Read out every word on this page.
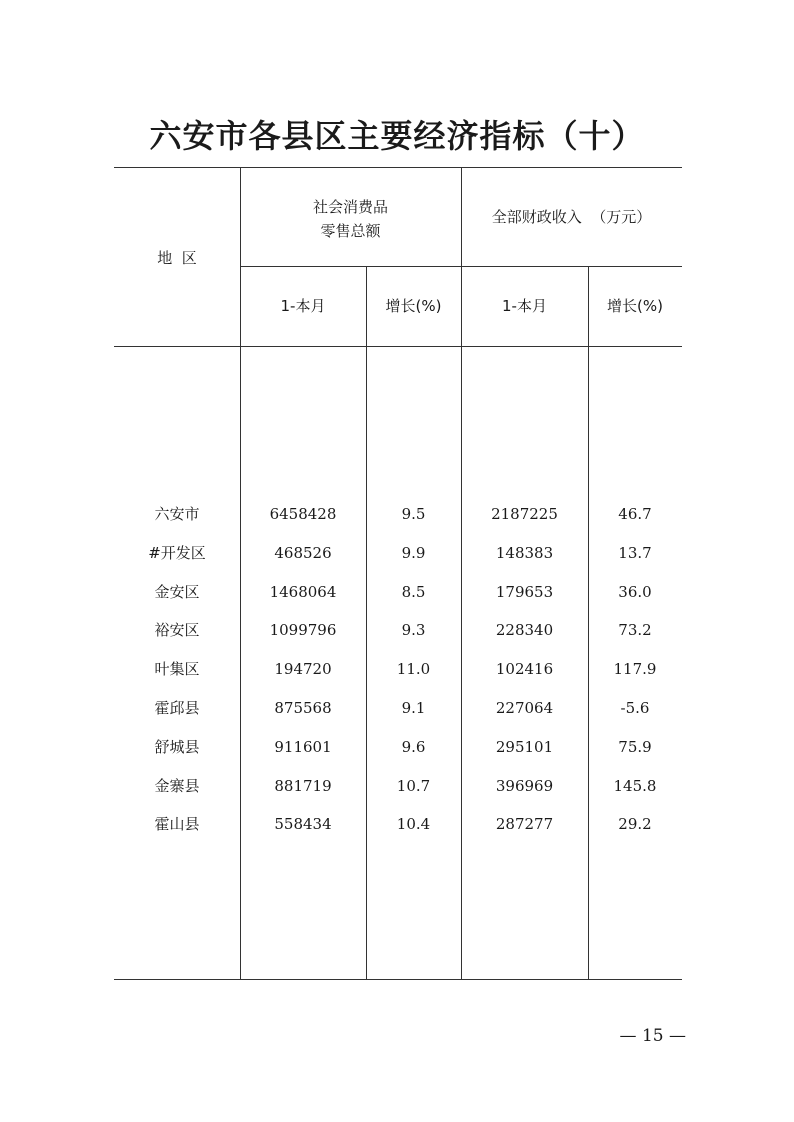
六安市各县区主要经济指标（十）
地  区
社会消费品
零售总额
全部财政收入  （万元）
1-本月	增长(%)	1-本月	增长(%)
六安市	6458428	9.5	2187225	46.7
#开发区	468526	9.9	148383	13.7
金安区	1468064	8.5	179653	36.0
裕安区	1099796	9.3	228340	73.2
叶集区	194720	11.0	102416	117.9
霍邱县	875568	9.1	227064	-5.6
舒城县	911601	9.6	295101	75.9
金寨县	881719	10.7	396969	145.8
霍山县	558434	10.4	287277	29.2
— 15 —
